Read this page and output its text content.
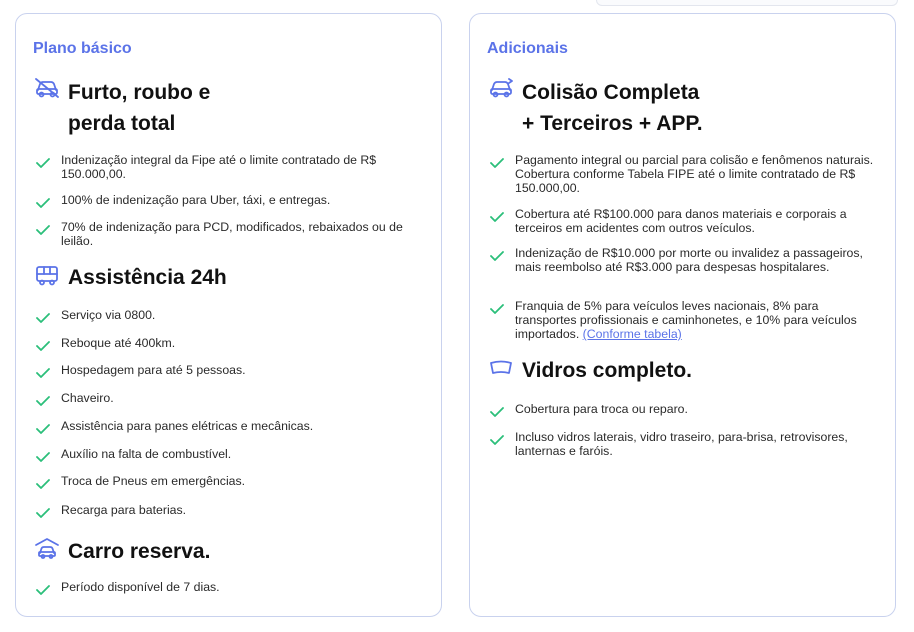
Plano básico
Furto, roubo e
perda total
Indenização integral da Fipe até o limite contratado de R$ 150.000,00.
100% de indenização para Uber, táxi, e entregas.
70% de indenização para PCD, modificados, rebaixados ou de leilão.
Assistência 24h
Serviço via 0800.
Reboque até 400km.
Hospedagem para até 5 pessoas.
Chaveiro.
Assistência para panes elétricas e mecânicas.
Auxílio na falta de combustível.
Troca de Pneus em emergências.
Recarga para baterias.
Carro reserva.
Período disponível de 7 dias.
Adicionais
Colisão Completa
+ Terceiros + APP.
Pagamento integral ou parcial para colisão e fenômenos naturais. Cobertura conforme Tabela FIPE até o limite contratado de R$ 150.000,00.
Cobertura até R$100.000 para danos materiais e corporais a terceiros em acidentes com outros veículos.
Indenização de R$10.000 por morte ou invalidez a passageiros, mais reembolso até R$3.000 para despesas hospitalares.
Franquia de 5% para veículos leves nacionais, 8% para transportes profissionais e caminhonetes, e 10% para veículos importados. (Conforme tabela)
Vidros completo.
Cobertura para troca ou reparo.
Incluso vidros laterais, vidro traseiro, para-brisa, retrovisores, lanternas e faróis.
